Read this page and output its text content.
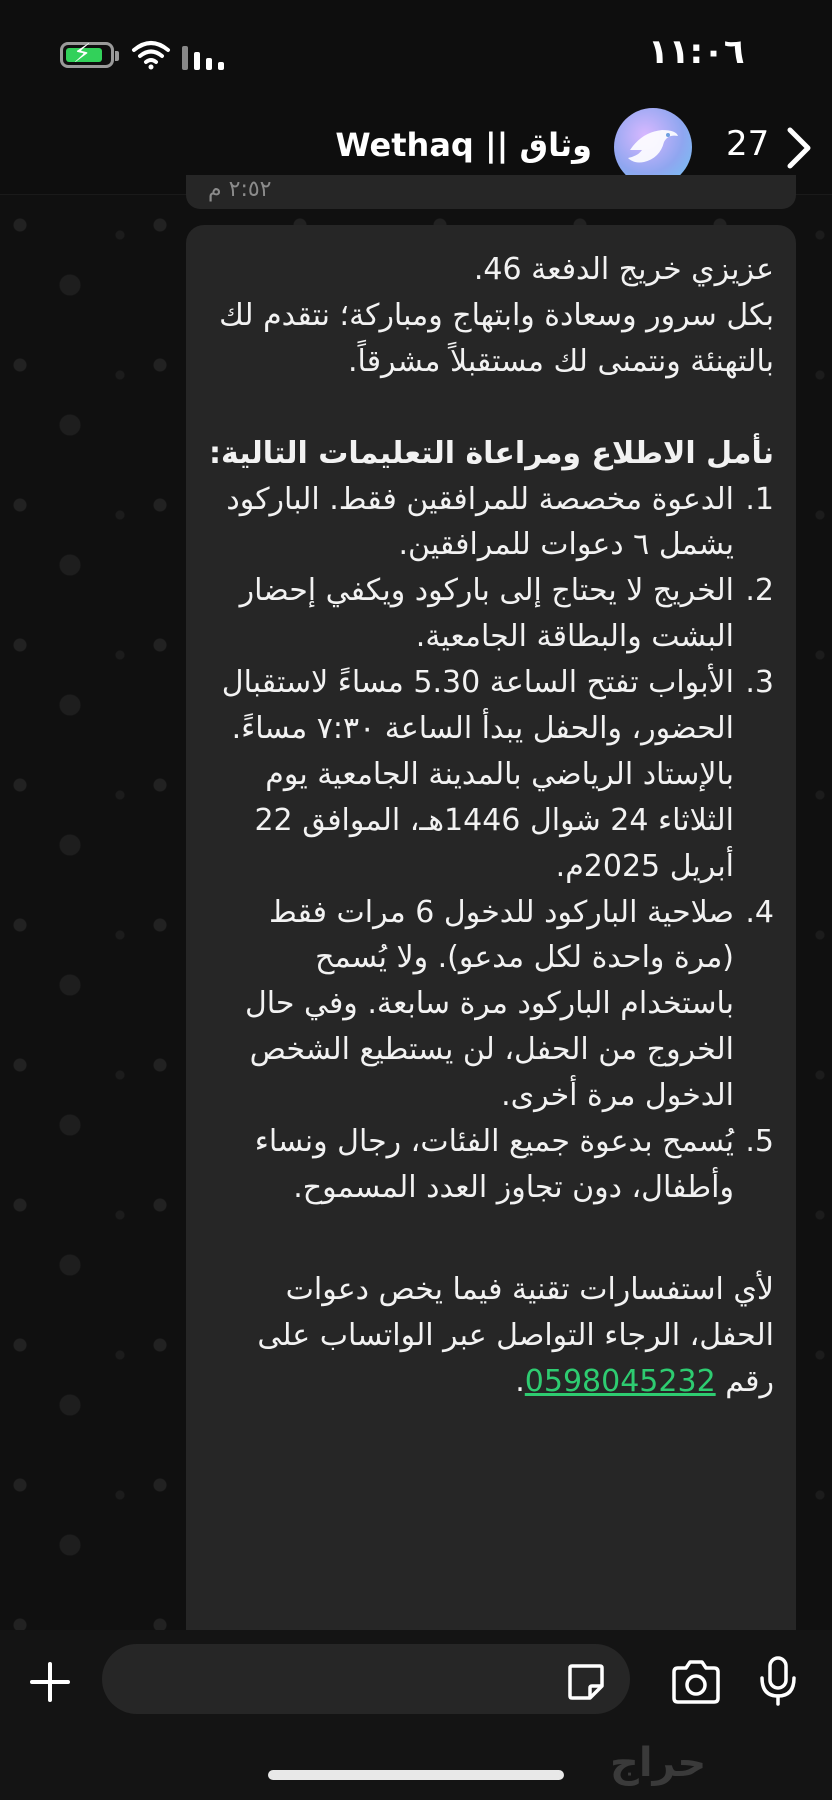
⚡	١١:٠٦
وثاق || Wethaq	27
٢:٥٢ م

عزيزي خريج الدفعة 46.

بكل سرور وسعادة وابتهاج ومباركة؛ نتقدم لك بالتهنئة ونتمنى لك مستقبلاً مشرقاً.

نأمل الاطلاع ومراعاة التعليمات التالية:

1.
الدعوة مخصصة للمرافقين فقط. الباركود يشمل ٦ دعوات للمرافقين.
2.
الخريج لا يحتاج إلى باركود ويكفي إحضار البشت والبطاقة الجامعية.
3.
الأبواب تفتح الساعة 5.30 مساءً لاستقبال الحضور، والحفل يبدأ الساعة ٧:٣٠ مساءً. بالإستاد الرياضي بالمدينة الجامعية يوم الثلاثاء 24 شوال 1446هـ، الموافق 22 أبريل 2025م.
4.
صلاحية الباركود للدخول 6 مرات فقط (مرة واحدة لكل مدعو). ولا يُسمح باستخدام الباركود مرة سابعة. وفي حال الخروج من الحفل، لن يستطيع الشخص الدخول مرة أخرى.
5.
يُسمح بدعوة جميع الفئات، رجال ونساء وأطفال، دون تجاوز العدد المسموح.

لأي استفسارات تقنية فيما يخص دعوات الحفل، الرجاء التواصل عبر الواتساب على رقم 0598045232.

حراج
